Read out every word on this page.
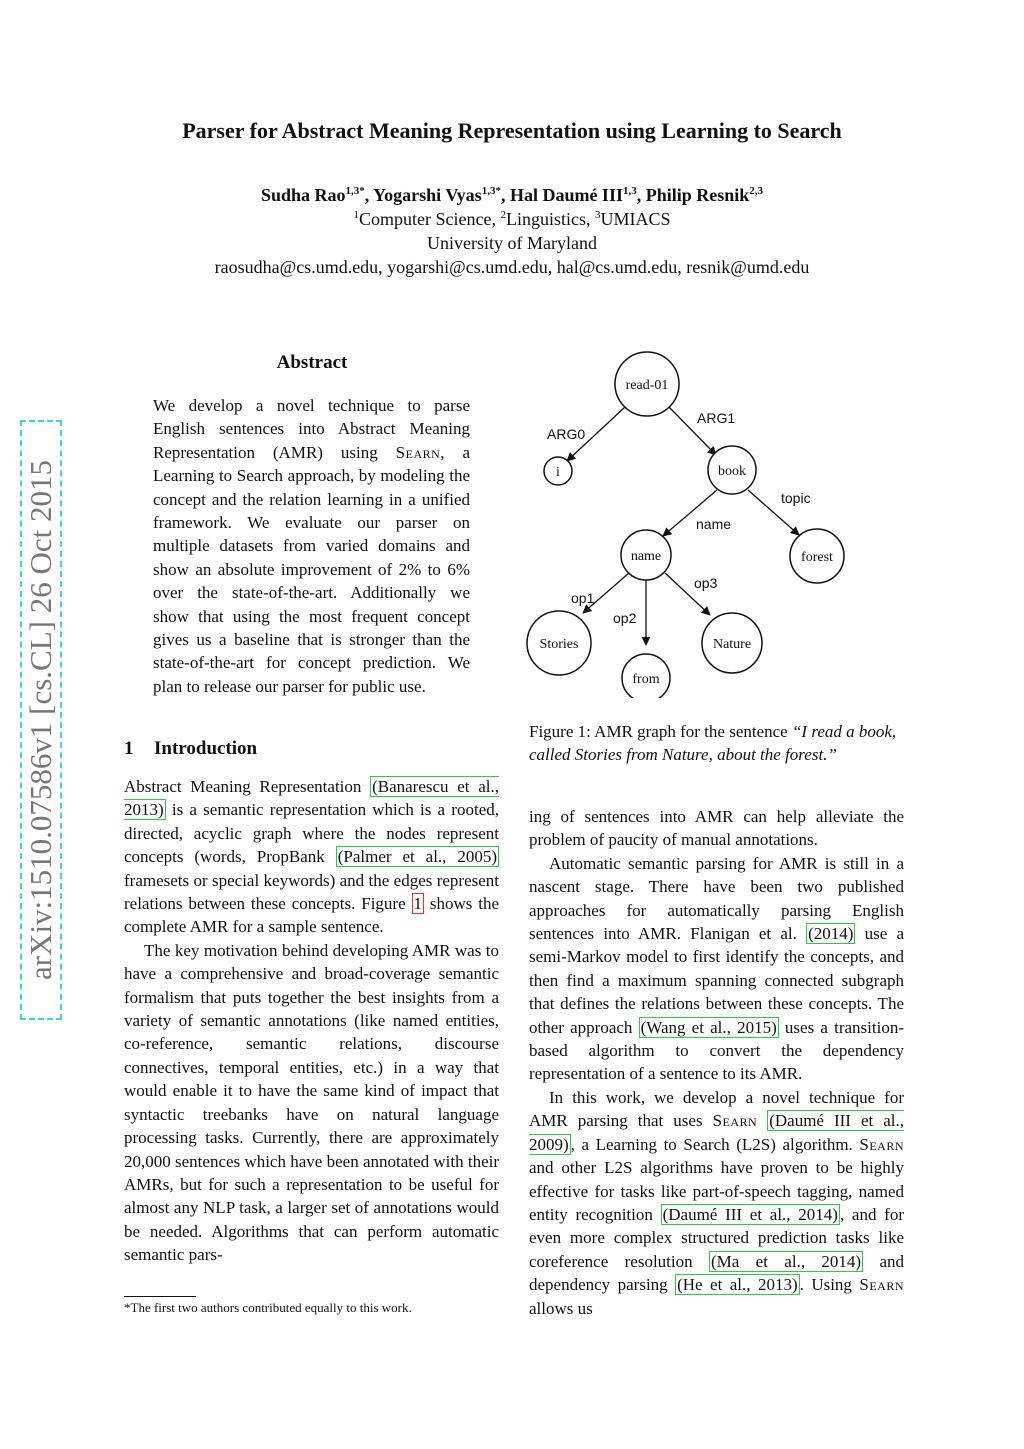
Parser for Abstract Meaning Representation using Learning to Search
Sudha Rao$^{1,3*}$, Yogarshi Vyas$^{1,3*}$, Hal Daumé III$^{1,3}$, Philip Resnik$^{2,3}$
$^1$Computer Science, $^2$Linguistics, $^3$UMIACS
University of Maryland
raosudha@cs.umd.edu, yogarshi@cs.umd.edu, hal@cs.umd.edu, resnik@umd.edu
arXiv:1510.07586v1 [cs.CL] 26 Oct 2015
Abstract
We develop a novel technique to parse English sentences into Abstract Meaning Representation (AMR) using Searn, a Learning to Search approach, by modeling the concept and the relation learning in a unified framework. We evaluate our parser on multiple datasets from varied domains and show an absolute improvement of 2% to 6% over the state-of-the-art. Additionally we show that using the most frequent concept gives us a baseline that is stronger than the state-of-the-art for concept prediction. We plan to release our parser for public use.
1 Introduction

Abstract Meaning Representation (Banarescu et al., 2013) is a semantic representation which is a rooted, directed, acyclic graph where the nodes represent concepts (words, PropBank (Palmer et al., 2005) framesets or special keywords) and the edges represent relations between these concepts. Figure 1 shows the complete AMR for a sample sentence.

The key motivation behind developing AMR was to have a comprehensive and broad-coverage semantic formalism that puts together the best insights from a variety of semantic annotations (like named entities, co-reference, semantic relations, discourse connectives, temporal entities, etc.) in a way that would enable it to have the same kind of impact that syntactic treebanks have on natural language processing tasks. Currently, there are approximately 20,000 sentences which have been annotated with their AMRs, but for such a representation to be useful for almost any NLP task, a larger set of annotations would be needed. Algorithms that can perform automatic semantic pars-

*The first two authors contributed equally to this work.
read-01
i	book
name	forest
Stories
from
Nature
ARG0
ARG1
name
topic
op1
op2
op3
Figure 1: AMR graph for the sentence “I read a book, called Stories from Nature, about the forest.”

ing of sentences into AMR can help alleviate the problem of paucity of manual annotations.

Automatic semantic parsing for AMR is still in a nascent stage. There have been two published approaches for automatically parsing English sentences into AMR. Flanigan et al. (2014) use a semi-Markov model to first identify the concepts, and then find a maximum spanning connected subgraph that defines the relations between these concepts. The other approach (Wang et al., 2015) uses a transition-based algorithm to convert the dependency representation of a sentence to its AMR.

In this work, we develop a novel technique for AMR parsing that uses Searn (Daumé III et al., 2009) , a Learning to Search (L2S) algorithm. Searn and other L2S algorithms have proven to be highly effective for tasks like part-of-speech tagging, named entity recognition (Daumé III et al., 2014) , and for even more complex structured prediction tasks like coreference resolution (Ma et al., 2014) and dependency parsing (He et al., 2013) . Using Searn allows us
